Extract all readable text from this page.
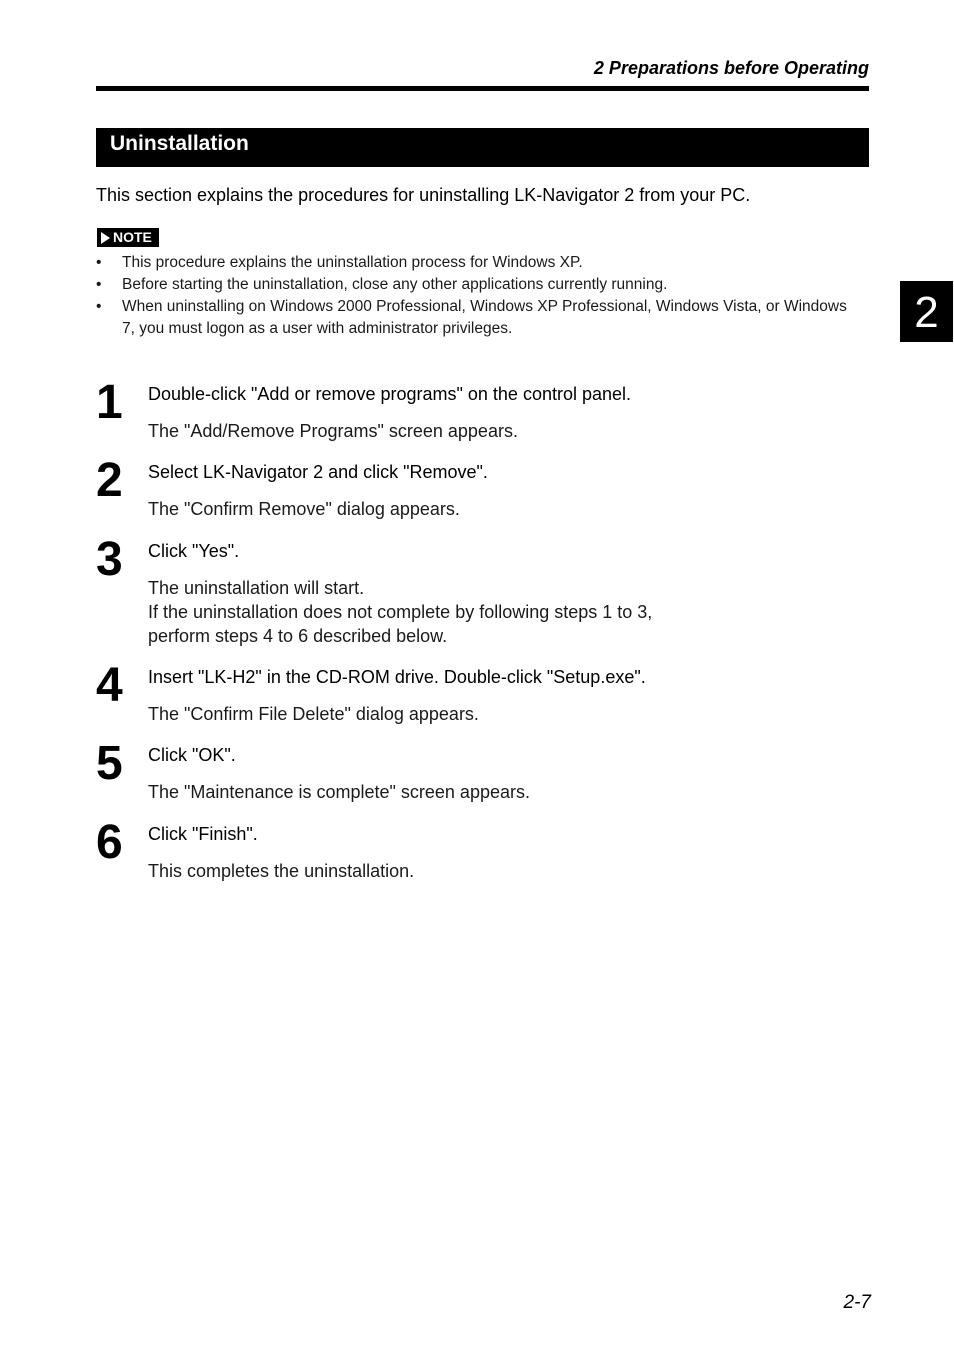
2 Preparations before Operating
Uninstallation
This section explains the procedures for uninstalling LK-Navigator 2 from your PC.
NOTE
• This procedure explains the uninstallation process for Windows XP.
• Before starting the uninstallation, close any other applications currently running.
• When uninstalling on Windows 2000 Professional, Windows XP Professional, Windows Vista, or Windows 7, you must logon as a user with administrator privileges.
1 Double-click "Add or remove programs" on the control panel.
The "Add/Remove Programs" screen appears.
2 Select LK-Navigator 2 and click "Remove".
The "Confirm Remove" dialog appears.
3 Click "Yes".
The uninstallation will start.
If the uninstallation does not complete by following steps 1 to 3,
perform steps 4 to 6 described below.
4 Insert "LK-H2" in the CD-ROM drive. Double-click "Setup.exe".
The "Confirm File Delete" dialog appears.
5 Click "OK".
The "Maintenance is complete" screen appears.
6 Click "Finish".
This completes the uninstallation.
2
2-7
